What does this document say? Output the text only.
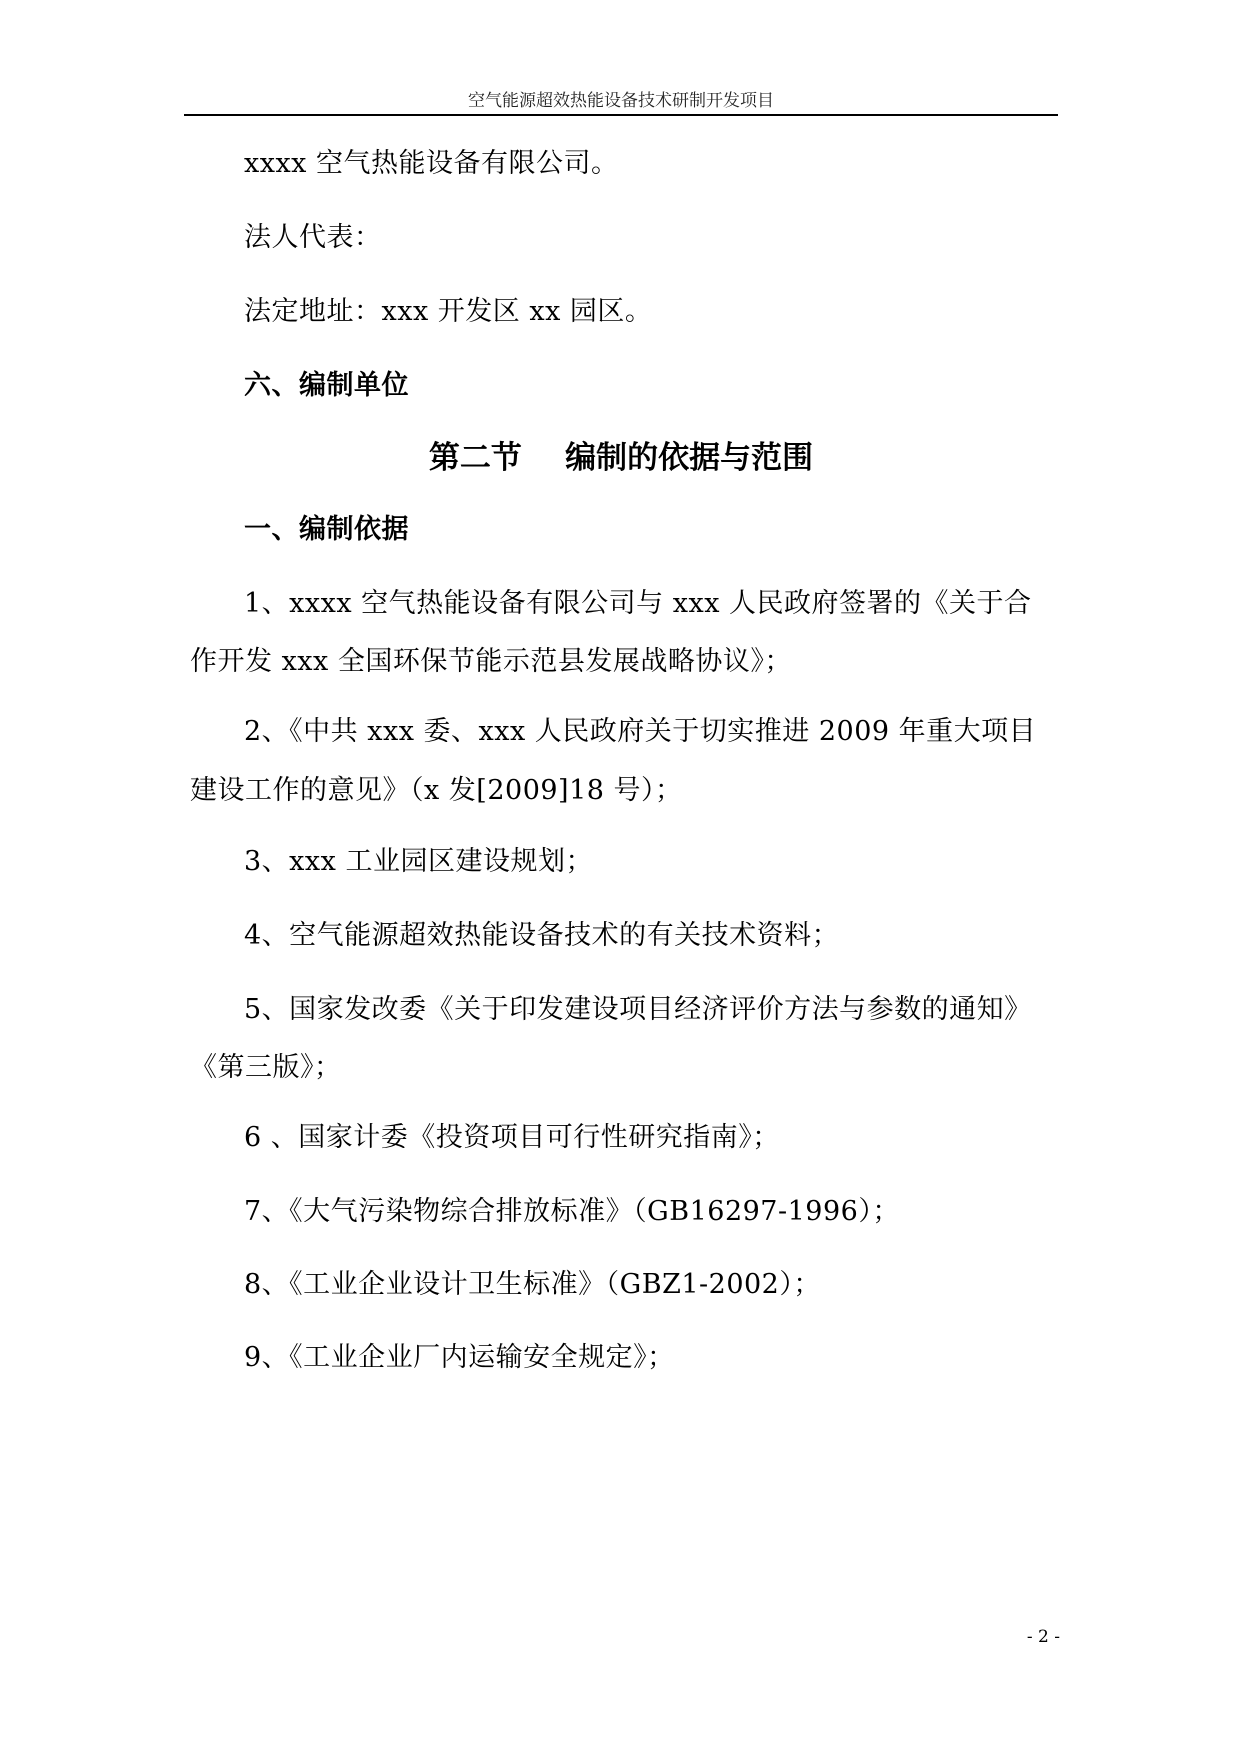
空气能源超效热能设备技术研制开发项目
xxxx 空气热能设备有限公司。
法人代表：
法定地址：xxx 开发区 xx 园区。
六、编制单位
第二节    编制的依据与范围
一、编制依据
1、xxxx 空气热能设备有限公司与 xxx 人民政府签署的《关于合
作开发 xxx 全国环保节能示范县发展战略协议》；
2、《中共 xxx 委、xxx 人民政府关于切实推进 2009 年重大项目
建设工作的意见》（x 发[2009]18 号）；
3、xxx 工业园区建设规划；
4、空气能源超效热能设备技术的有关技术资料；
5、国家发改委《关于印发建设项目经济评价方法与参数的通知》
《第三版》；
6 、国家计委《投资项目可行性研究指南》；
7、《大气污染物综合排放标准》（GB16297-1996）；
8、《工业企业设计卫生标准》（GBZ1-2002）；
9、《工业企业厂内运输安全规定》；
- 2 -
